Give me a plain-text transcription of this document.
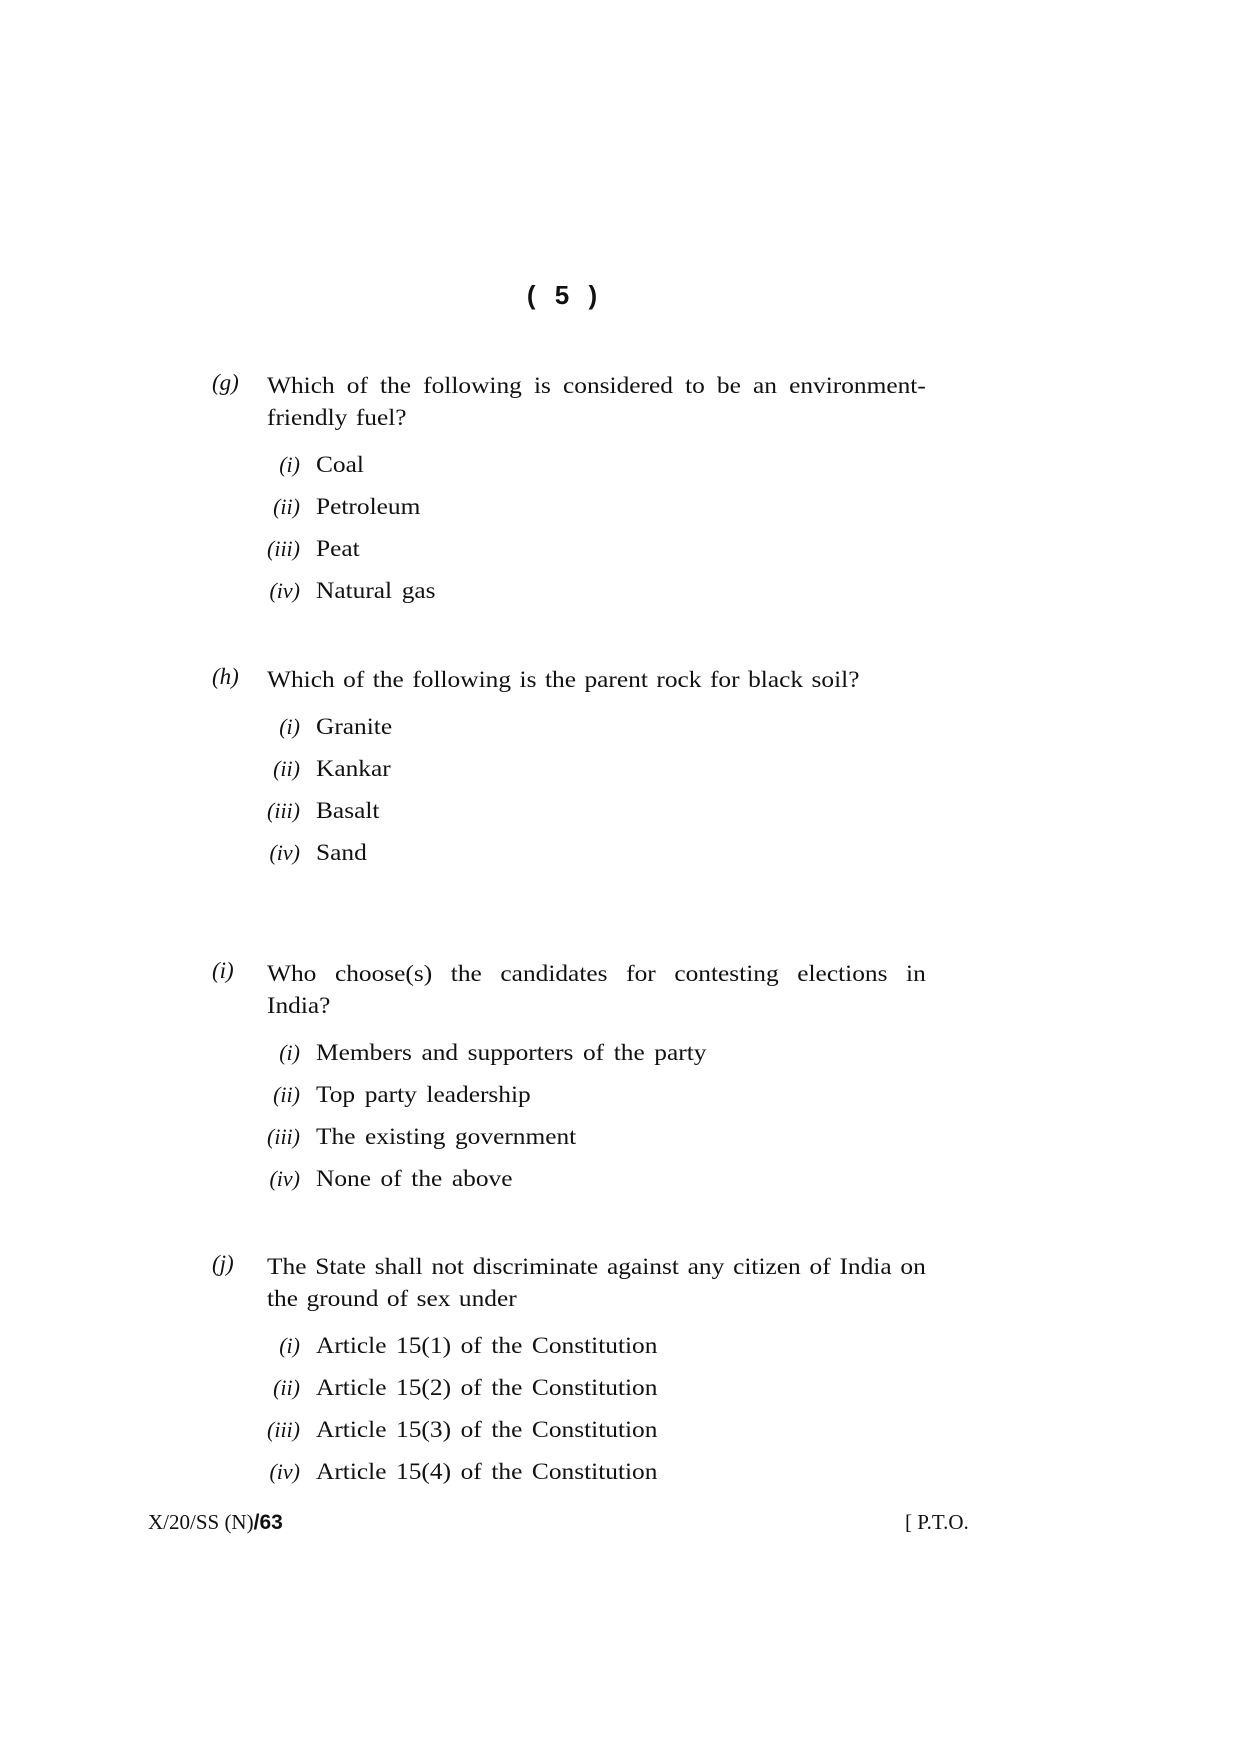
( 5 )
(g) Which of the following is considered to be an environment-friendly fuel?
(i) Coal
(ii) Petroleum
(iii) Peat
(iv) Natural gas
(h) Which of the following is the parent rock for black soil?
(i) Granite
(ii) Kankar
(iii) Basalt
(iv) Sand
(i) Who choose(s) the candidates for contesting elections in India?
(i) Members and supporters of the party
(ii) Top party leadership
(iii) The existing government
(iv) None of the above
(j) The State shall not discriminate against any citizen of India on the ground of sex under
(i) Article 15(1) of the Constitution
(ii) Article 15(2) of the Constitution
(iii) Article 15(3) of the Constitution
(iv) Article 15(4) of the Constitution
X/20/SS (N)/63	[ P.T.O.
